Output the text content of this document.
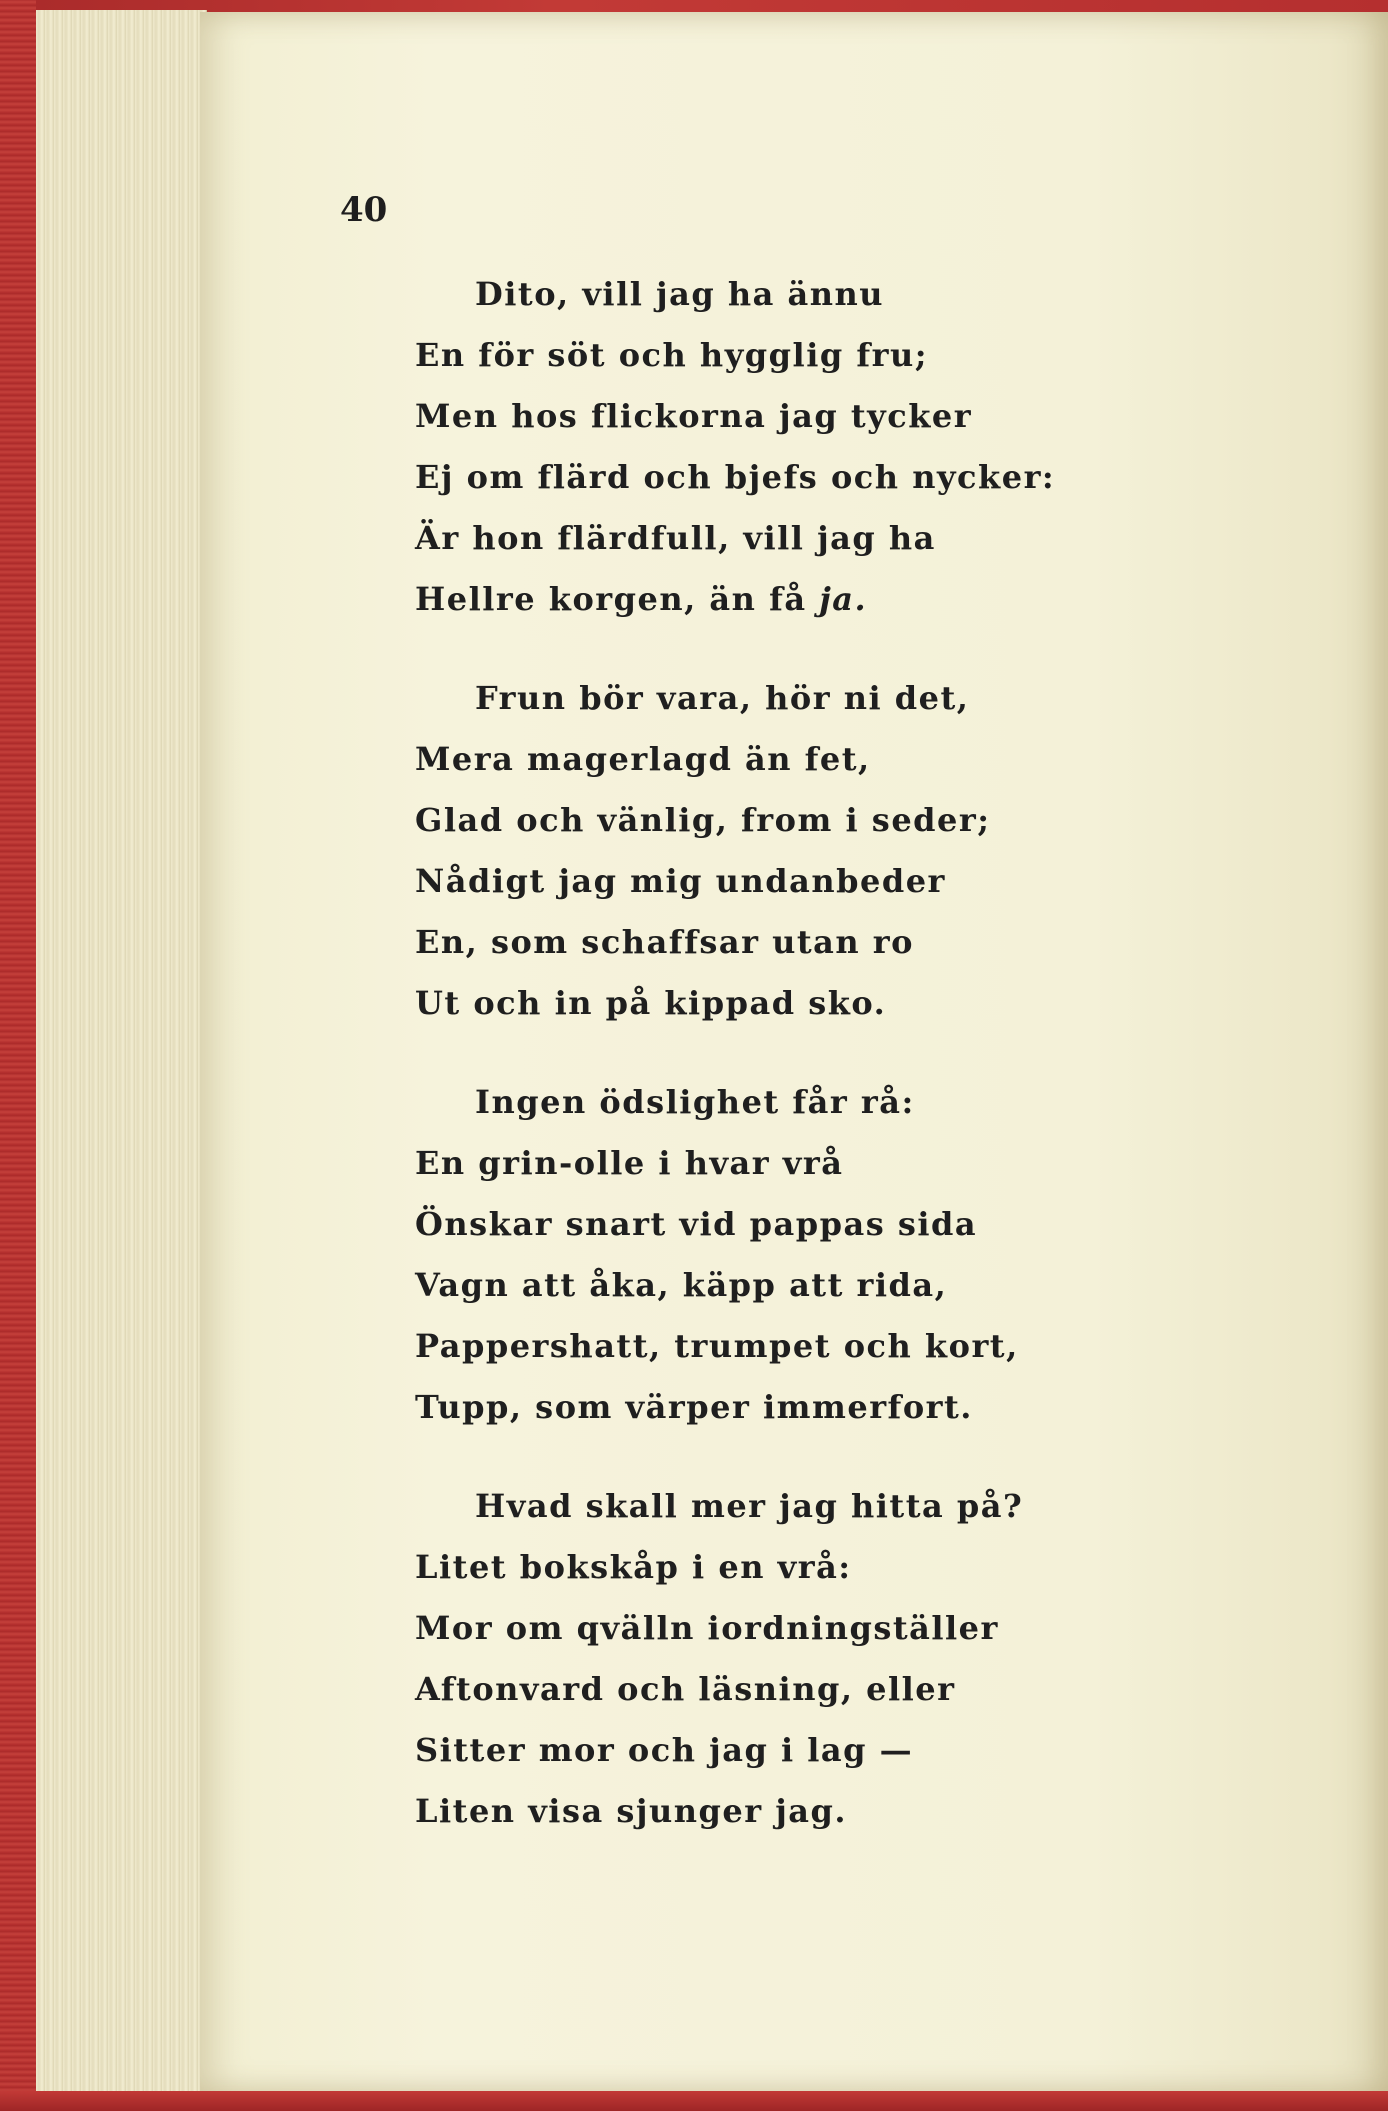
40
Dito, vill jag ha ännu
En för söt och hygglig fru;
Men hos flickorna jag tycker
Ej om flärd och bjefs och nycker:
Är hon flärdfull, vill jag ha
Hellre korgen, än få ja.
Frun bör vara, hör ni det,
Mera magerlagd än fet,
Glad och vänlig, from i seder;
Nådigt jag mig undanbeder
En, som schaffsar utan ro
Ut och in på kippad sko.
Ingen ödslighet får rå:
En grin-olle i hvar vrå
Önskar snart vid pappas sida
Vagn att åka, käpp att rida,
Pappershatt, trumpet och kort,
Tupp, som värper immerfort.
Hvad skall mer jag hitta på?
Litet bokskåp i en vrå:
Mor om qvälln iordningställer
Aftonvard och läsning, eller
Sitter mor och jag i lag —
Liten visa sjunger jag.
